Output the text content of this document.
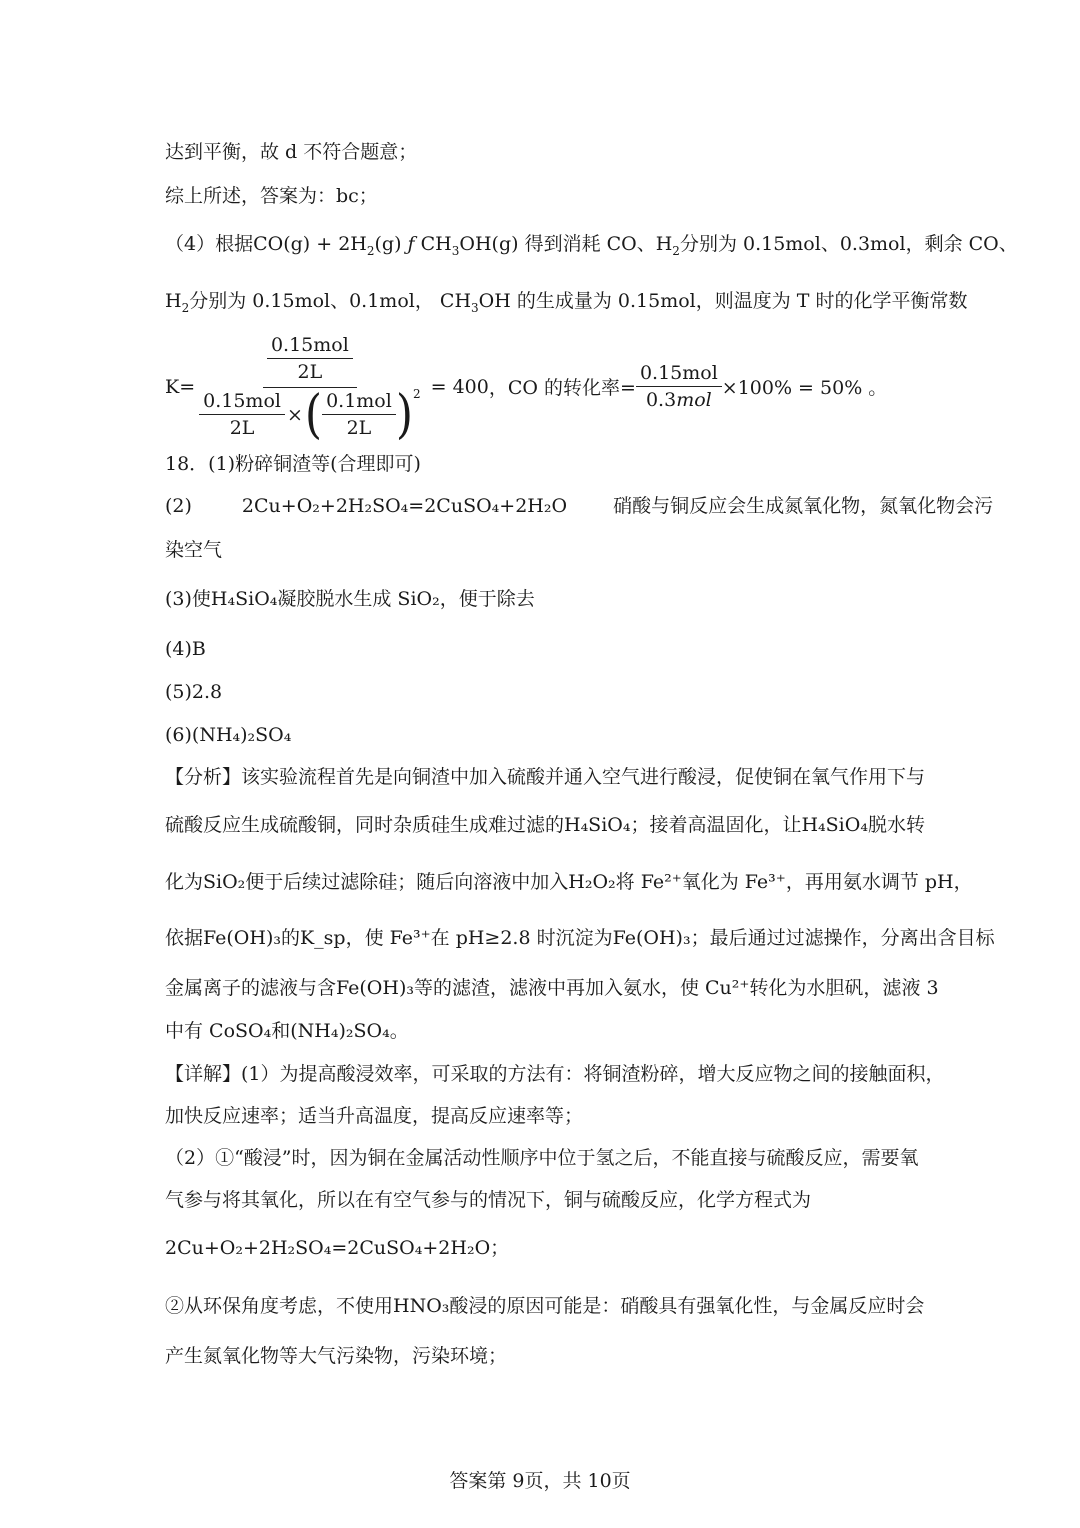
达到平衡，故 d 不符合题意；
综上所述，答案为：bc；
（4）根据$CO(g) + 2H_2(g)$ ƒ $CH_3OH(g)$ 得到消耗 CO、$H_2$分别为 0.15mol、0.3mol，剩余 CO、
$H_2$分别为 0.15mol、0.1mol， $CH_3OH$ 的生成量为 0.15mol，则温度为 T 时的化学平衡常数
$K= \frac{\frac{\text{0.15mol}}{2L}}{\frac{\text{0.15mol}}{2L} \times ( \frac{\text{0.1mol}}{2L} ) 2} = 400$ ，CO 的转化率= $\frac{\text{0.15mol}}{\text{0.3mol}} \times 100\% = 50\%$ 。
18．(1)粉碎铜渣等(合理即可)
(2)	2Cu+O₂+2H₂SO₄=2CuSO₄+2H₂O 硝酸与铜反应会生成氮氧化物，氮氧化物会污
染空气
(3)使H₄SiO₄凝胶脱水生成 SiO₂，便于除去
(4)B
(5)2.8
(6)(NH₄)₂SO₄
【分析】该实验流程首先是向铜渣中加入硫酸并通入空气进行酸浸，促使铜在氧气作用下与
硫酸反应生成硫酸铜，同时杂质硅生成难过滤的H₄SiO₄；接着高温固化，让H₄SiO₄脱水转
化为SiO₂便于后续过滤除硅；随后向溶液中加入H₂O₂将 Fe²⁺氧化为 Fe³⁺，再用氨水调节 pH，
依据Fe(OH)₃的K_sp，使 Fe³⁺在 pH≥2.8 时沉淀为Fe(OH)₃；最后通过过滤操作，分离出含目标
金属离子的滤液与含Fe(OH)₃等的滤渣，滤液中再加入氨水，使 Cu²⁺转化为水胆矾，滤液 3
中有 CoSO₄和(NH₄)₂SO₄。
【详解】(1）为提高酸浸效率，可采取的方法有：将铜渣粉碎，增大反应物之间的接触面积，
加快反应速率；适当升高温度，提高反应速率等；
（2）①“酸浸”时，因为铜在金属活动性顺序中位于氢之后，不能直接与硫酸反应，需要氧
气参与将其氧化，所以在有空气参与的情况下，铜与硫酸反应，化学方程式为
2Cu+O₂+2H₂SO₄=2CuSO₄+2H₂O；
②从环保角度考虑，不使用HNO₃酸浸的原因可能是：硝酸具有强氧化性，与金属反应时会
产生氮氧化物等大气污染物，污染环境；
答案第 9页，共 10页
